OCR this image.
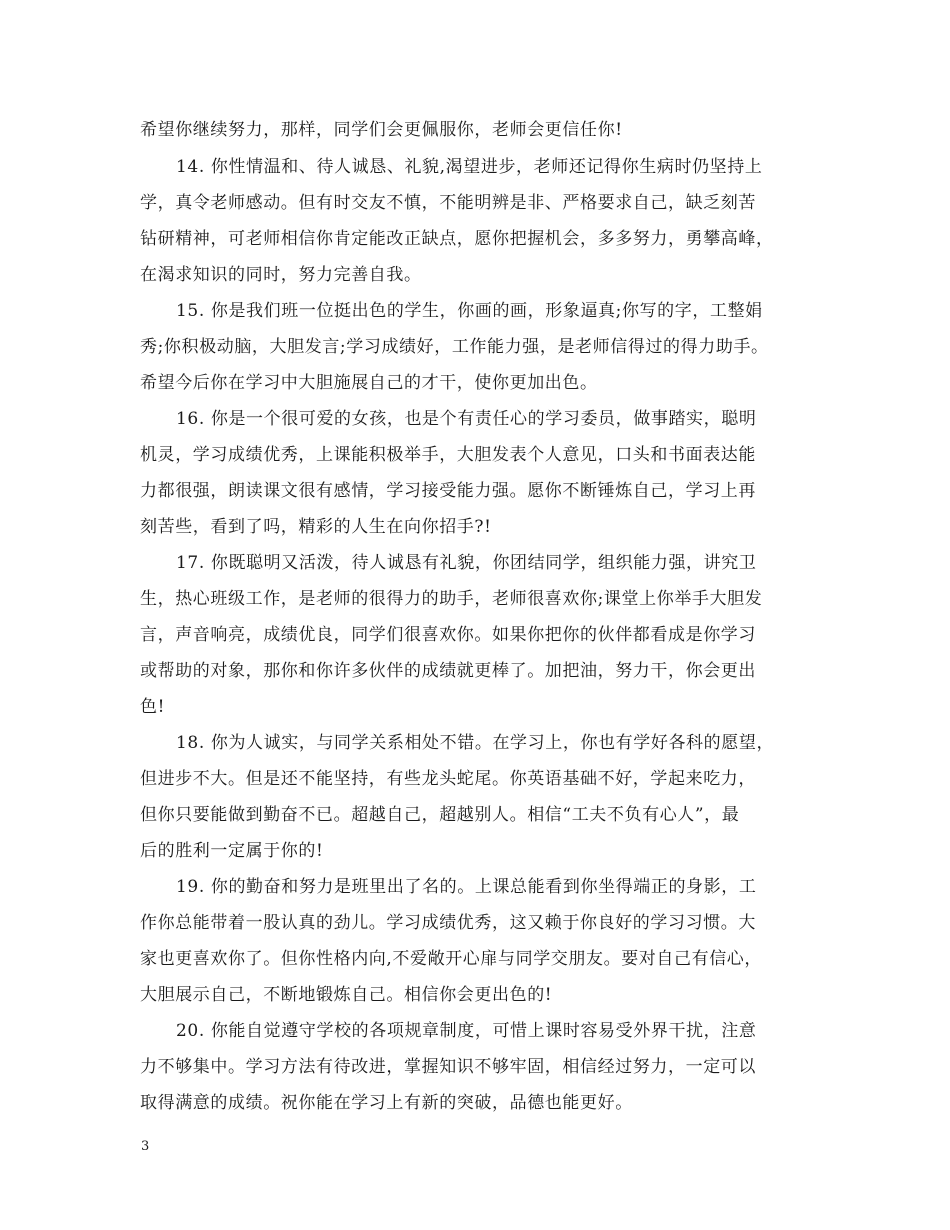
希望你继续努力，那样，同学们会更佩服你，老师会更信任你!
14. 你性情温和、待人诚恳、礼貌,渴望进步，老师还记得你生病时仍坚持上
学，真令老师感动。但有时交友不慎，不能明辨是非、严格要求自己，缺乏刻苦
钻研精神，可老师相信你肯定能改正缺点，愿你把握机会，多多努力，勇攀高峰，
在渴求知识的同时，努力完善自我。
15. 你是我们班一位挺出色的学生，你画的画，形象逼真;你写的字，工整娟
秀;你积极动脑，大胆发言;学习成绩好，工作能力强，是老师信得过的得力助手。
希望今后你在学习中大胆施展自己的才干，使你更加出色。
16. 你是一个很可爱的女孩，也是个有责任心的学习委员，做事踏实，聪明
机灵，学习成绩优秀，上课能积极举手，大胆发表个人意见，口头和书面表达能
力都很强，朗读课文很有感情，学习接受能力强。愿你不断锤炼自己，学习上再
刻苦些，看到了吗，精彩的人生在向你招手?!
17. 你既聪明又活泼，待人诚恳有礼貌，你团结同学，组织能力强，讲究卫
生，热心班级工作，是老师的很得力的助手，老师很喜欢你;课堂上你举手大胆发
言，声音响亮，成绩优良，同学们很喜欢你。如果你把你的伙伴都看成是你学习
或帮助的对象，那你和你许多伙伴的成绩就更棒了。加把油，努力干，你会更出
色!
18. 你为人诚实，与同学关系相处不错。在学习上，你也有学好各科的愿望，
但进步不大。但是还不能坚持，有些龙头蛇尾。你英语基础不好，学起来吃力，
但你只要能做到勤奋不已。超越自己，超越别人。相信“工夫不负有心人”，最
后的胜利一定属于你的!
19. 你的勤奋和努力是班里出了名的。上课总能看到你坐得端正的身影，工
作你总能带着一股认真的劲儿。学习成绩优秀，这又赖于你良好的学习习惯。大
家也更喜欢你了。但你性格内向,不爱敞开心扉与同学交朋友。要对自己有信心，
大胆展示自己，不断地锻炼自己。相信你会更出色的!
20. 你能自觉遵守学校的各项规章制度，可惜上课时容易受外界干扰，注意
力不够集中。学习方法有待改进，掌握知识不够牢固，相信经过努力，一定可以
取得满意的成绩。祝你能在学习上有新的突破，品德也能更好。
3
